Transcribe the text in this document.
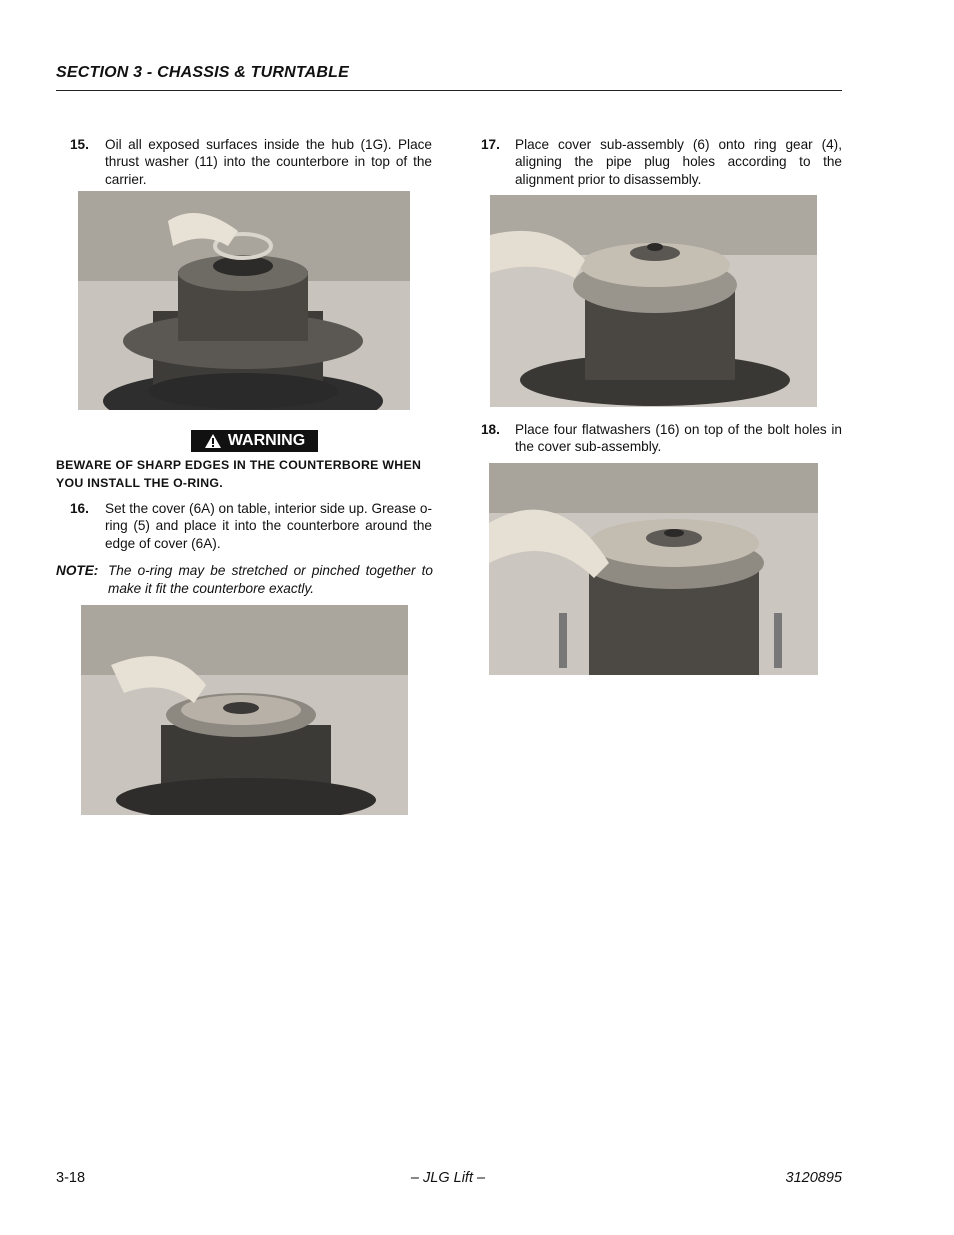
SECTION 3 - CHASSIS & TURNTABLE
15. Oil all exposed surfaces inside the hub (1G). Place thrust washer (11) into the counterbore in top of the carrier.
WARNING
BEWARE OF SHARP EDGES IN THE COUNTERBORE WHEN YOU INSTALL THE O-RING.
16. Set the cover (6A) on table, interior side up. Grease o-ring (5) and place it into the counterbore around the edge of cover (6A).
NOTE: The o-ring may be stretched or pinched together to make it fit the counterbore exactly.
17. Place cover sub-assembly (6) onto ring gear (4), aligning the pipe plug holes according to the alignment prior to disassembly.
18. Place four flatwashers (16) on top of the bolt holes in the cover sub-assembly.
3-18	– JLG Lift –	3120895
